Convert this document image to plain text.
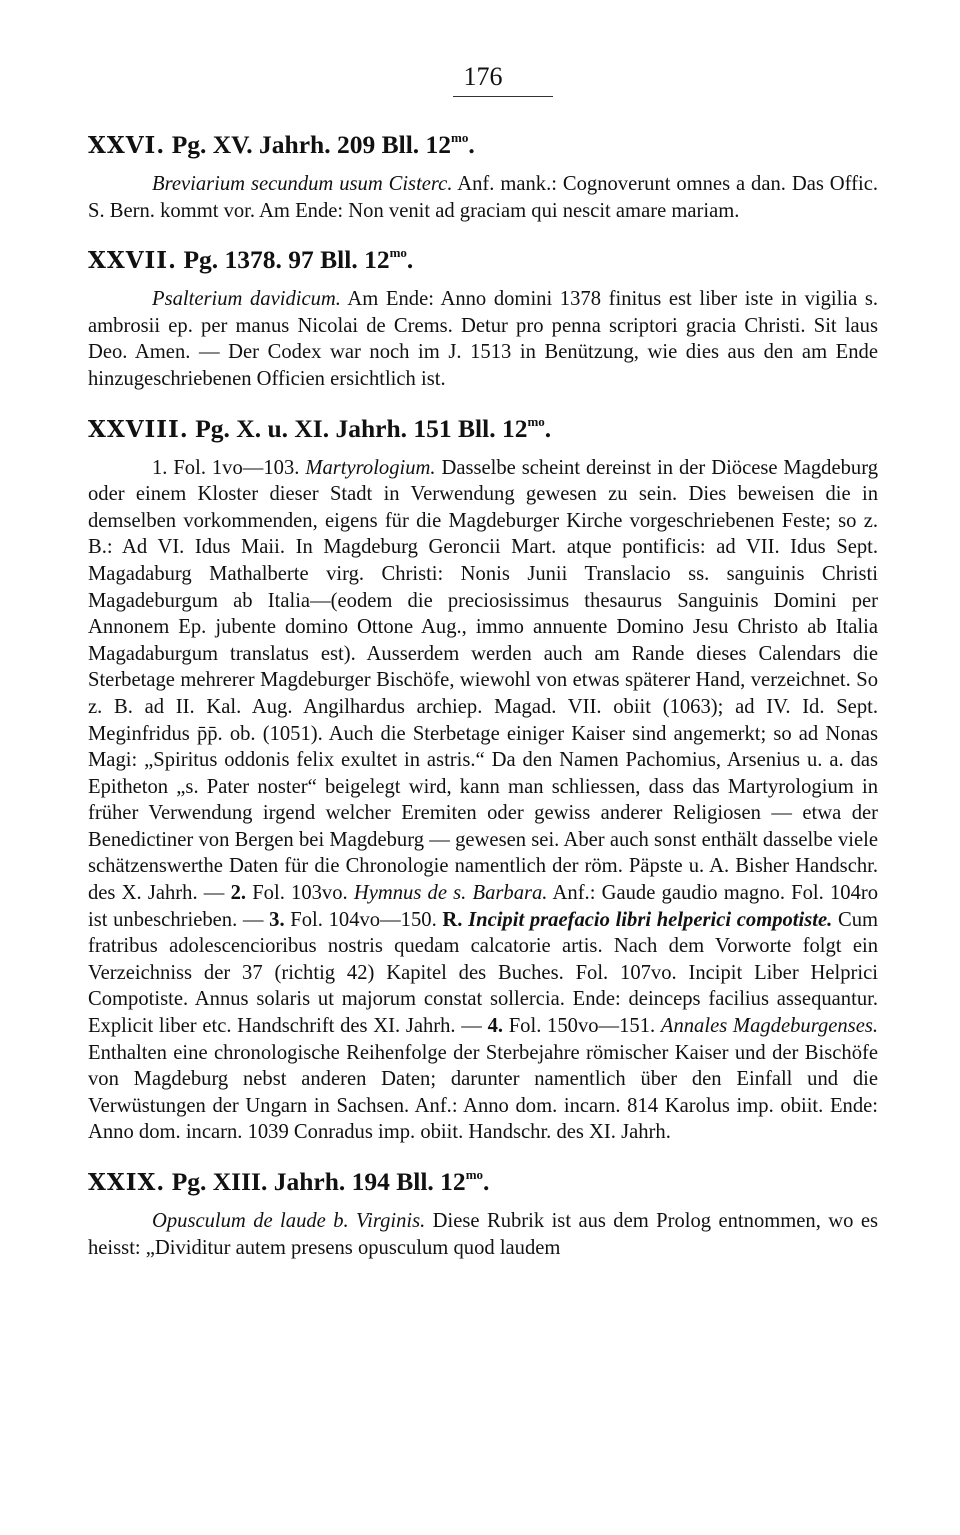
176
XXVI. Pg. XV. Jahrh. 209 Bll. $12^{mo}$.

Breviarium secundum usum Cisterc. Anf. mank.: Cognoverunt omnes a dan. Das Offic. S. Bern. kommt vor. Am Ende: Non venit ad graciam qui nescit amare mariam.

XXVII. Pg. 1378. 97 Bll. $12^{mo}$.

Psalterium davidicum. Am Ende: Anno domini 1378 finitus est liber iste in vigilia s. ambrosii ep. per manus Nicolai de Crems. Detur pro penna scriptori gracia Christi. Sit laus Deo. Amen. — Der Codex war noch im J. 1513 in Benützung, wie dies aus den am Ende hinzugeschriebenen Officien ersichtlich ist.

XXVIII. Pg. X. u. XI. Jahrh. 151 Bll. $12^{mo}$.

1. Fol. 1vo—103. Martyrologium. Dasselbe scheint dereinst in der Diöcese Magdeburg oder einem Kloster dieser Stadt in Verwendung gewesen zu sein. Dies beweisen die in demselben vorkommenden, eigens für die Magdeburger Kirche vorgeschriebenen Feste; so z. B.: Ad VI. Idus Maii. In Magdeburg Geroncii Mart. atque pontificis: ad VII. Idus Sept. Magadaburg Mathalberte virg. Christi: Nonis Junii Translacio ss. sanguinis Christi Magadeburgum ab Italia—(eodem die preciosissimus thesaurus Sanguinis Domini per Annonem Ep. jubente domino Ottone Aug., immo annuente Domino Jesu Christo ab Italia Magadaburgum translatus est). Ausserdem werden auch am Rande dieses Calendars die Sterbetage mehrerer Magdeburger Bischöfe, wiewohl von etwas späterer Hand, verzeichnet. So z. B. ad II. Kal. Aug. Angilhardus archiep. Magad. VII. obiit (1063); ad IV. Id. Sept. Meginfridus p̄p̄. ob. (1051). Auch die Sterbetage einiger Kaiser sind angemerkt; so ad Nonas Magi: „Spiritus oddonis felix exultet in astris.“ Da den Namen Pachomius, Arsenius u. a. das Epitheton „s. Pater noster“ beigelegt wird, kann man schliessen, dass das Martyrologium in früher Verwendung irgend welcher Eremiten oder gewiss anderer Religiosen — etwa der Benedictiner von Bergen bei Magdeburg — gewesen sei. Aber auch sonst enthält dasselbe viele schätzenswerthe Daten für die Chronologie namentlich der röm. Päpste u. A. Bisher Handschr. des X. Jahrh. — 2. Fol. 103vo. Hymnus de s. Barbara. Anf.: Gaude gaudio magno. Fol. 104ro ist unbeschrieben. — 3. Fol. 104vo—150. R. Incipit praefacio libri helperici compotiste. Cum fratribus adolescencioribus nostris quedam calcatorie artis. Nach dem Vorworte folgt ein Verzeichniss der 37 (richtig 42) Kapitel des Buches. Fol. 107vo. Incipit Liber Helprici Compotiste. Annus solaris ut majorum constat sollercia. Ende: deinceps facilius assequantur. Explicit liber etc. Handschrift des XI. Jahrh. — 4. Fol. 150vo—151. Annales Magdeburgenses. Enthalten eine chronologische Reihenfolge der Sterbejahre römischer Kaiser und der Bischöfe von Magdeburg nebst anderen Daten; darunter namentlich über den Einfall und die Verwüstungen der Ungarn in Sachsen. Anf.: Anno dom. incarn. 814 Karolus imp. obiit. Ende: Anno dom. incarn. 1039 Conradus imp. obiit. Handschr. des XI. Jahrh.

XXIX. Pg. XIII. Jahrh. 194 Bll. $12^{mo}$.

Opusculum de laude b. Virginis. Diese Rubrik ist aus dem Prolog entnommen, wo es heisst: „Dividitur autem presens opusculum quod laudem
